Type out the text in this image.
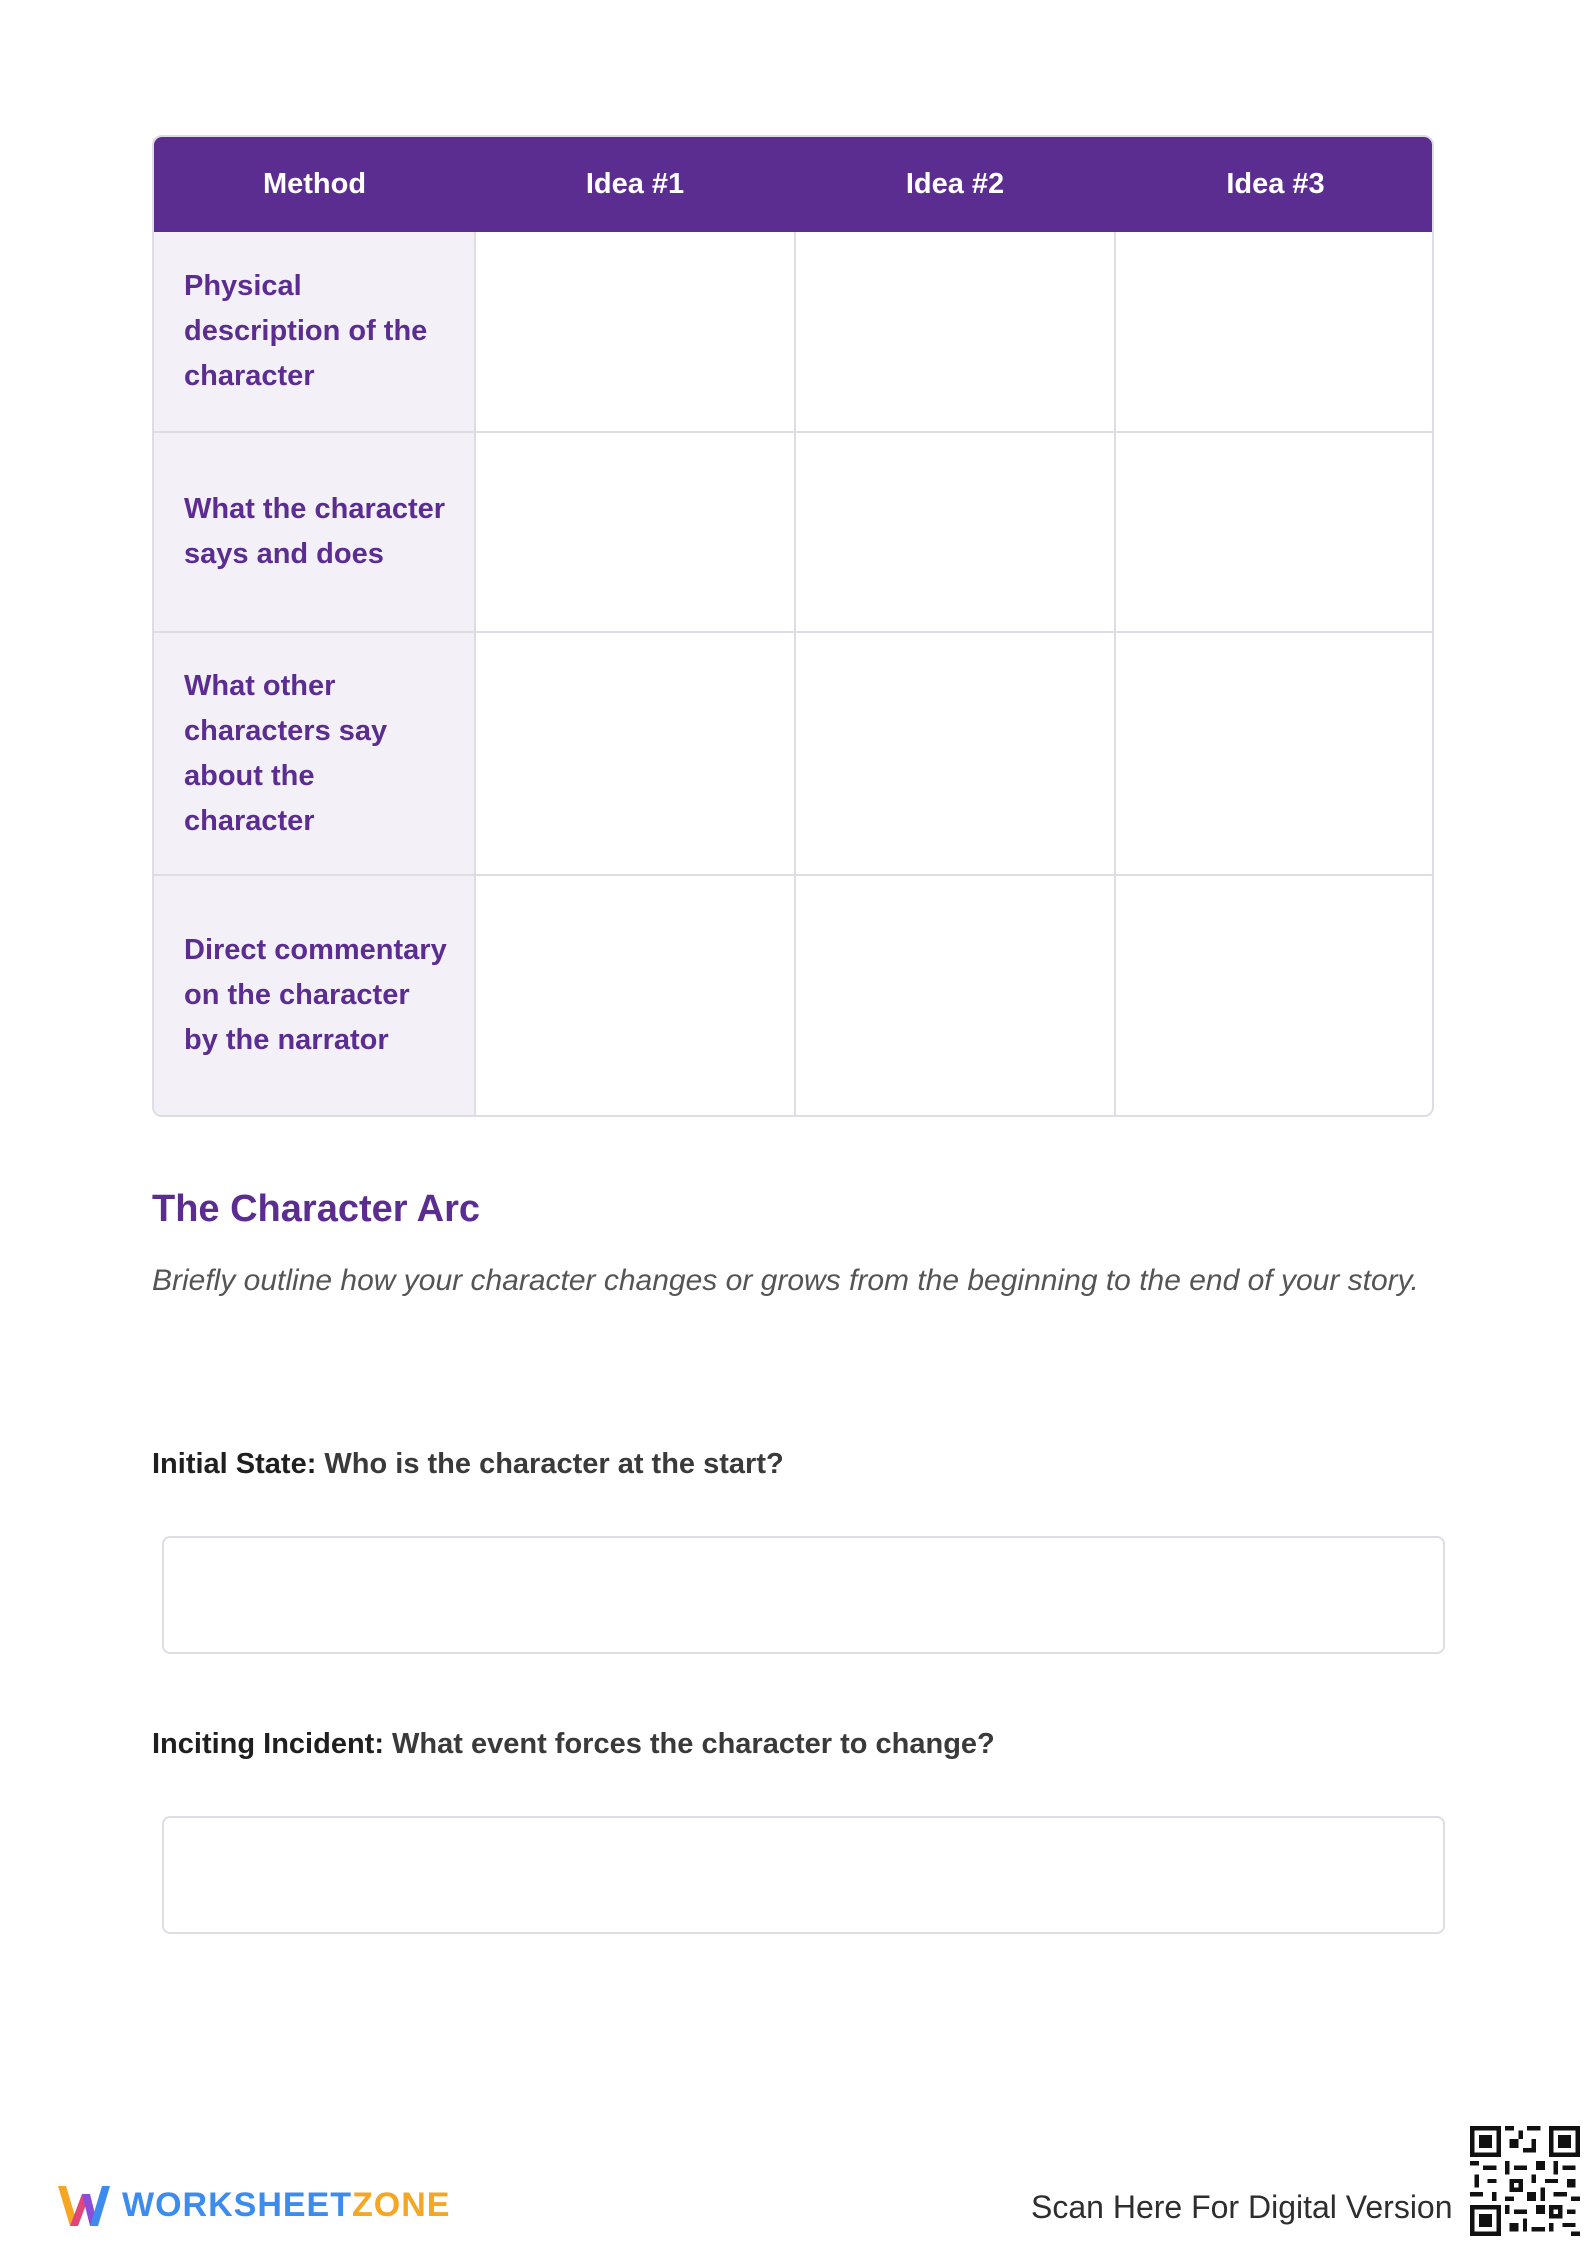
Method	Idea #1	Idea #2	Idea #3
Physical description of the character			
What the character says and does			
What other characters say about the character			
Direct commentary on the character by the narrator			
The Character Arc

Briefly outline how your character changes or grows from the beginning to the end of your story.

Initial State: Who is the character at the start?

Inciting Incident: What event forces the character to change?

WORKSHEETZONE	Scan Here For Digital Version
